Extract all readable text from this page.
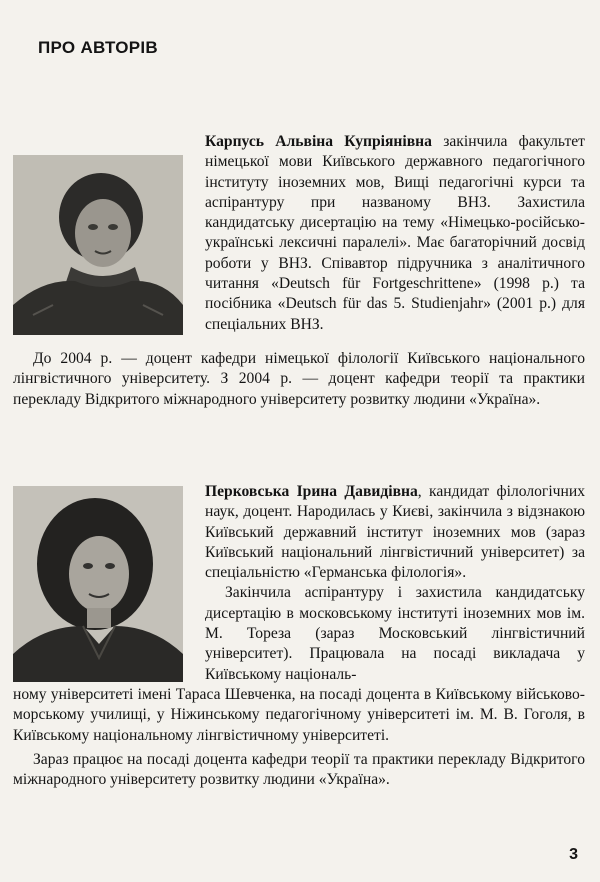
ПРО АВТОРІВ

Карпусь Альвіна Купріянівна закінчила факультет німецької мови Київського державного педагогічного інституту іноземних мов, Вищі педагогічні курси та аспірантуру при названому ВНЗ. Захистила кандидатську дисертацію на тему «Німецько-російсько-українські лексичні паралелі». Має багаторічний досвід роботи у ВНЗ. Співавтор підручника з аналітичного читання «Deutsch für Fortgeschrittene» (1998 р.) та посібника «Deutsch für das 5. Studienjahr» (2001 р.) для спеціальних ВНЗ.

До 2004 р. — доцент кафедри німецької філології Київського національного лінгвістичного університету. З 2004 р. — доцент кафедри теорії та практики перекладу Відкритого міжнародного університету розвитку людини «Україна».

Перковська Ірина Давидівна, кандидат філологічних наук, доцент. Народилась у Києві, закінчила з відзнакою Київський державний інститут іноземних мов (зараз Київський національний лінгвістичний університет) за спеціальністю «Германська філологія».

Закінчила аспірантуру і захистила кандидатську дисертацію в московському інституті іноземних мов ім. М. Тореза (зараз Московський лінгвістичний університет). Працювала на посаді викладача у Київському національ-

ному університеті імені Тараса Шевченка, на посаді доцента в Київському військово-морському училищі, у Ніжинському педагогічному університеті ім. М. В. Гоголя, в Київському національному лінгвістичному університеті.

Зараз працює на посаді доцента кафедри теорії та практики перекладу Відкритого міжнародного університету розвитку людини «Україна».

3
